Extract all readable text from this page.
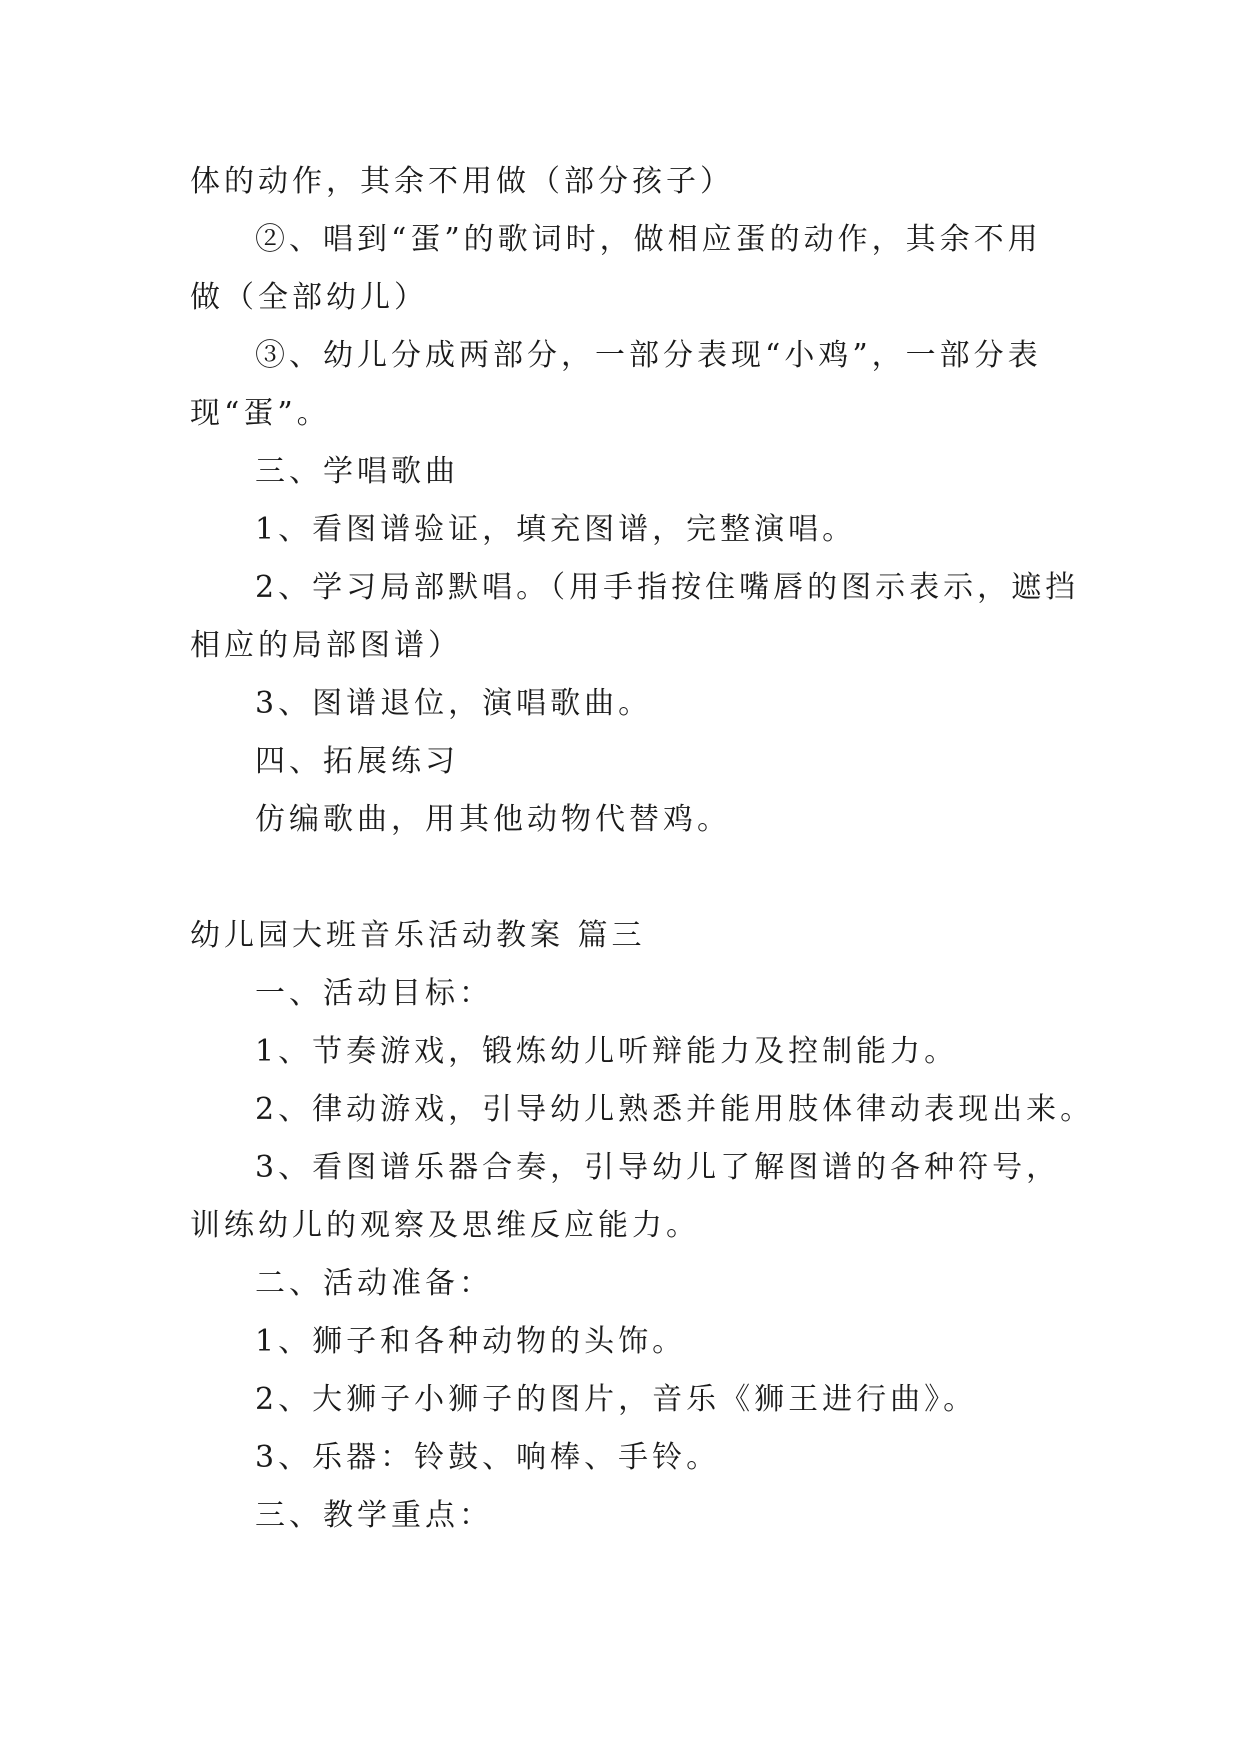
体的动作，其余不用做（部分孩子）
②、唱到“蛋”的歌词时，做相应蛋的动作，其余不用
做（全部幼儿）
③、幼儿分成两部分，一部分表现“小鸡”，一部分表
现“蛋”。
三、学唱歌曲
1、看图谱验证，填充图谱，完整演唱。
2、学习局部默唱。（用手指按住嘴唇的图示表示，遮挡
相应的局部图谱）
3、图谱退位，演唱歌曲。
四、拓展练习
仿编歌曲，用其他动物代替鸡。
幼儿园大班音乐活动教案 篇三
一、活动目标：
1、节奏游戏，锻炼幼儿听辩能力及控制能力。
2、律动游戏，引导幼儿熟悉并能用肢体律动表现出来。
3、看图谱乐器合奏，引导幼儿了解图谱的各种符号，
训练幼儿的观察及思维反应能力。
二、活动准备：
1、狮子和各种动物的头饰。
2、大狮子小狮子的图片，音乐《狮王进行曲》。
3、乐器：铃鼓、响棒、手铃。
三、教学重点：
